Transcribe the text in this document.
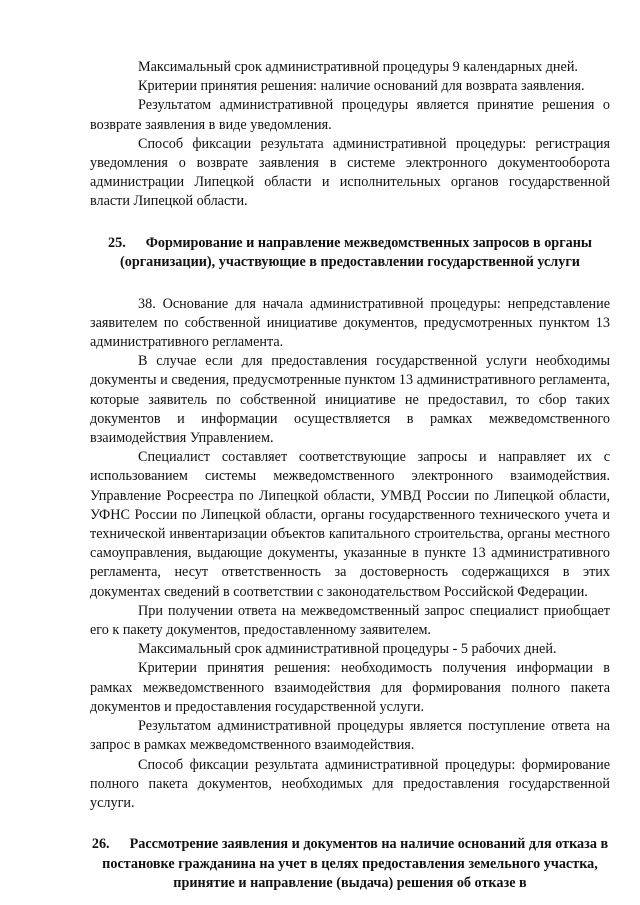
Максимальный срок административной процедуры 9 календарных дней.

Критерии принятия решения: наличие оснований для возврата заявления.

Результатом административной процедуры является принятие решения о возврате заявления в виде уведомления.

Способ фиксации результата административной процедуры: регистрация уведомления о возврате заявления в системе электронного документооборота администрации Липецкой области и исполнительных органов государственной власти Липецкой области.

25. Формирование и направление межведомственных запросов в органы (организации), участвующие в предоставлении государственной услуги

38. Основание для начала административной процедуры: непредставление заявителем по собственной инициативе документов, предусмотренных пунктом 13 административного регламента.

В случае если для предоставления государственной услуги необходимы документы и сведения, предусмотренные пунктом 13 административного регламента, которые заявитель по собственной инициативе не предоставил, то сбор таких документов и информации осуществляется в рамках межведомственного взаимодействия Управлением.

Специалист составляет соответствующие запросы и направляет их с использованием системы межведомственного электронного взаимодействия. Управление Росреестра по Липецкой области, УМВД России по Липецкой области, УФНС России по Липецкой области, органы государственного технического учета и технической инвентаризации объектов капитального строительства, органы местного самоуправления, выдающие документы, указанные в пункте 13 административного регламента, несут ответственность за достоверность содержащихся в этих документах сведений в соответствии с законодательством Российской Федерации.

При получении ответа на межведомственный запрос специалист приобщает его к пакету документов, предоставленному заявителем.

Максимальный срок административной процедуры - 5 рабочих дней.

Критерии принятия решения: необходимость получения информации в рамках межведомственного взаимодействия для формирования полного пакета документов и предоставления государственной услуги.

Результатом административной процедуры является поступление ответа на запрос в рамках межведомственного взаимодействия.

Способ фиксации результата административной процедуры: формирование полного пакета документов, необходимых для предоставления государственной услуги.

26. Рассмотрение заявления и документов на наличие оснований для отказа в постановке гражданина на учет в целях предоставления земельного участка, принятие и направление (выдача) решения об отказе в
